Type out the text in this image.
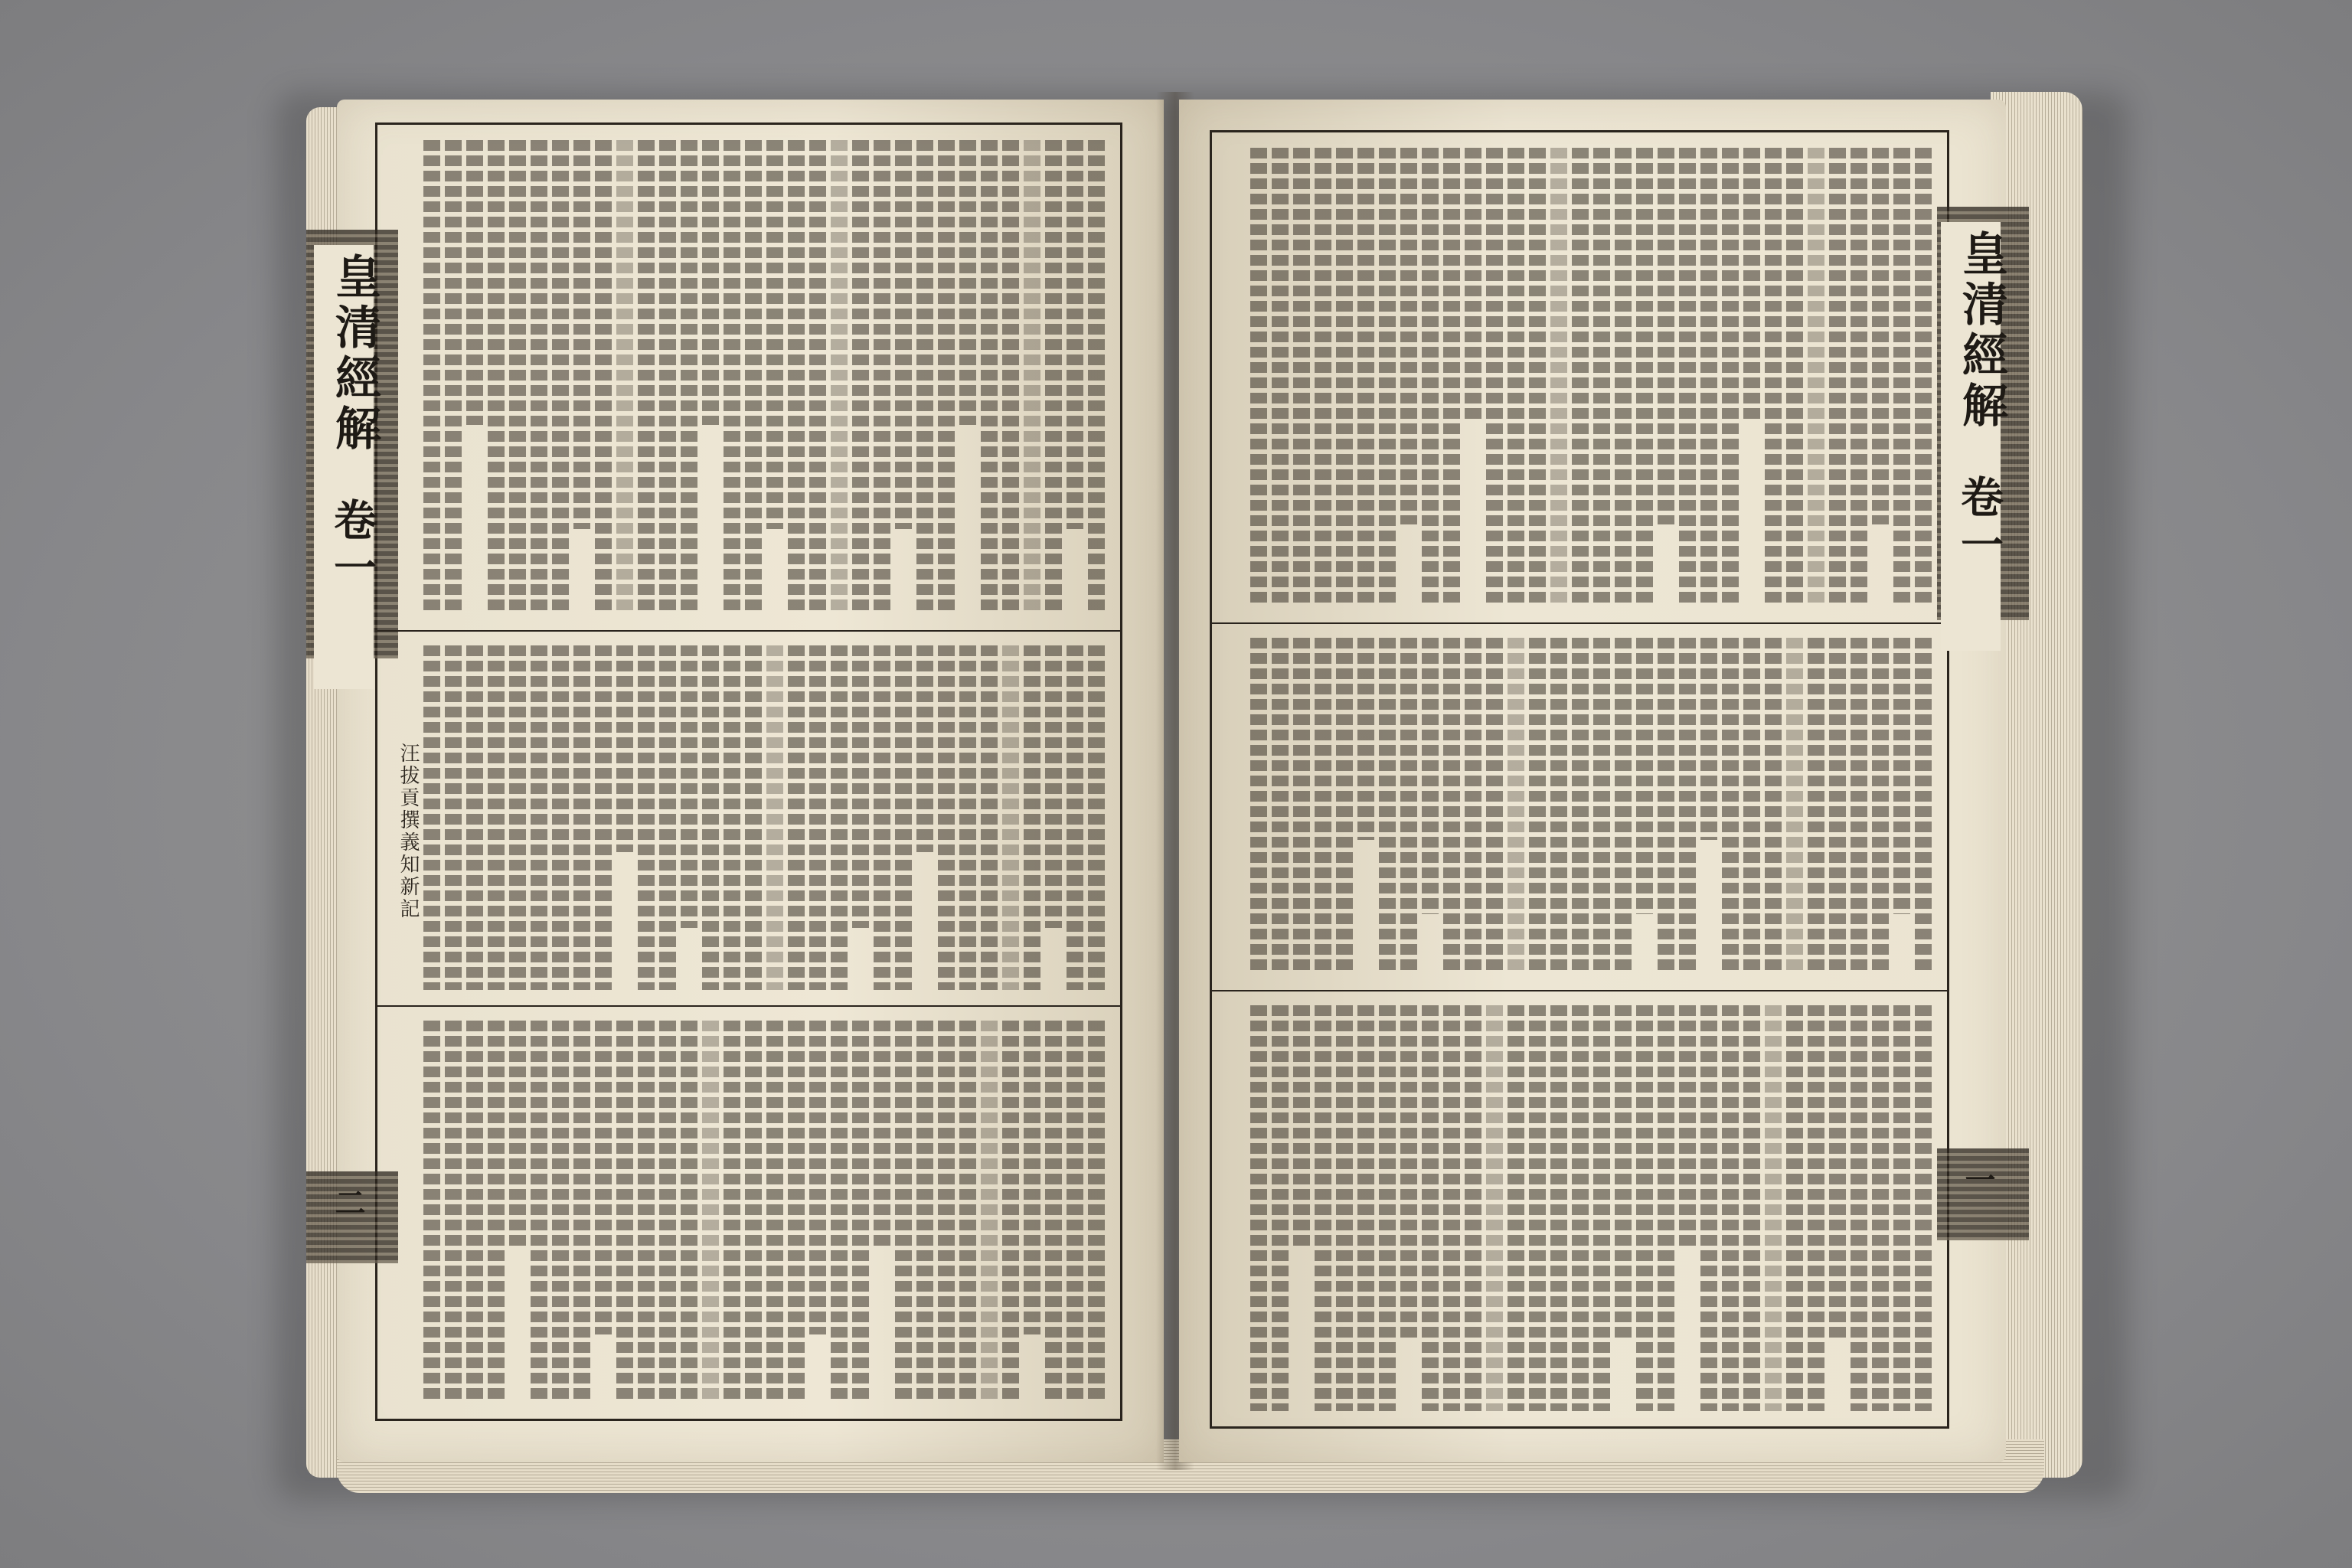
皇清經解
卷一
二
汪拔貢撰義知新記
皇清經解
卷一
一
